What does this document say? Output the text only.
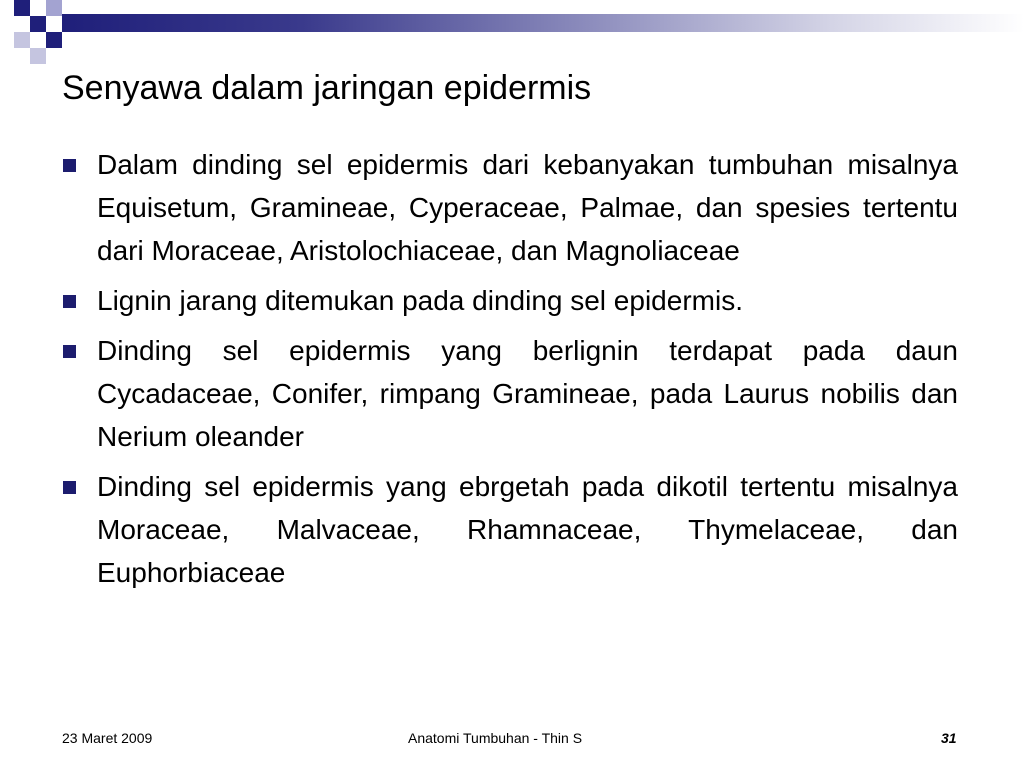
Senyawa dalam jaringan epidermis
Dalam dinding sel epidermis dari kebanyakan tumbuhan misalnya Equisetum, Gramineae, Cyperaceae, Palmae, dan spesies tertentu dari Moraceae, Aristolochiaceae, dan Magnoliaceae
Lignin jarang ditemukan pada dinding sel epidermis.
Dinding sel epidermis yang berlignin terdapat pada daun Cycadaceae, Conifer, rimpang Gramineae, pada Laurus nobilis dan Nerium oleander
Dinding sel epidermis yang ebrgetah pada dikotil tertentu misalnya Moraceae, Malvaceae, Rhamnaceae, Thymelaceae, dan Euphorbiaceae
23 Maret 2009	Anatomi Tumbuhan - Thin S	31
